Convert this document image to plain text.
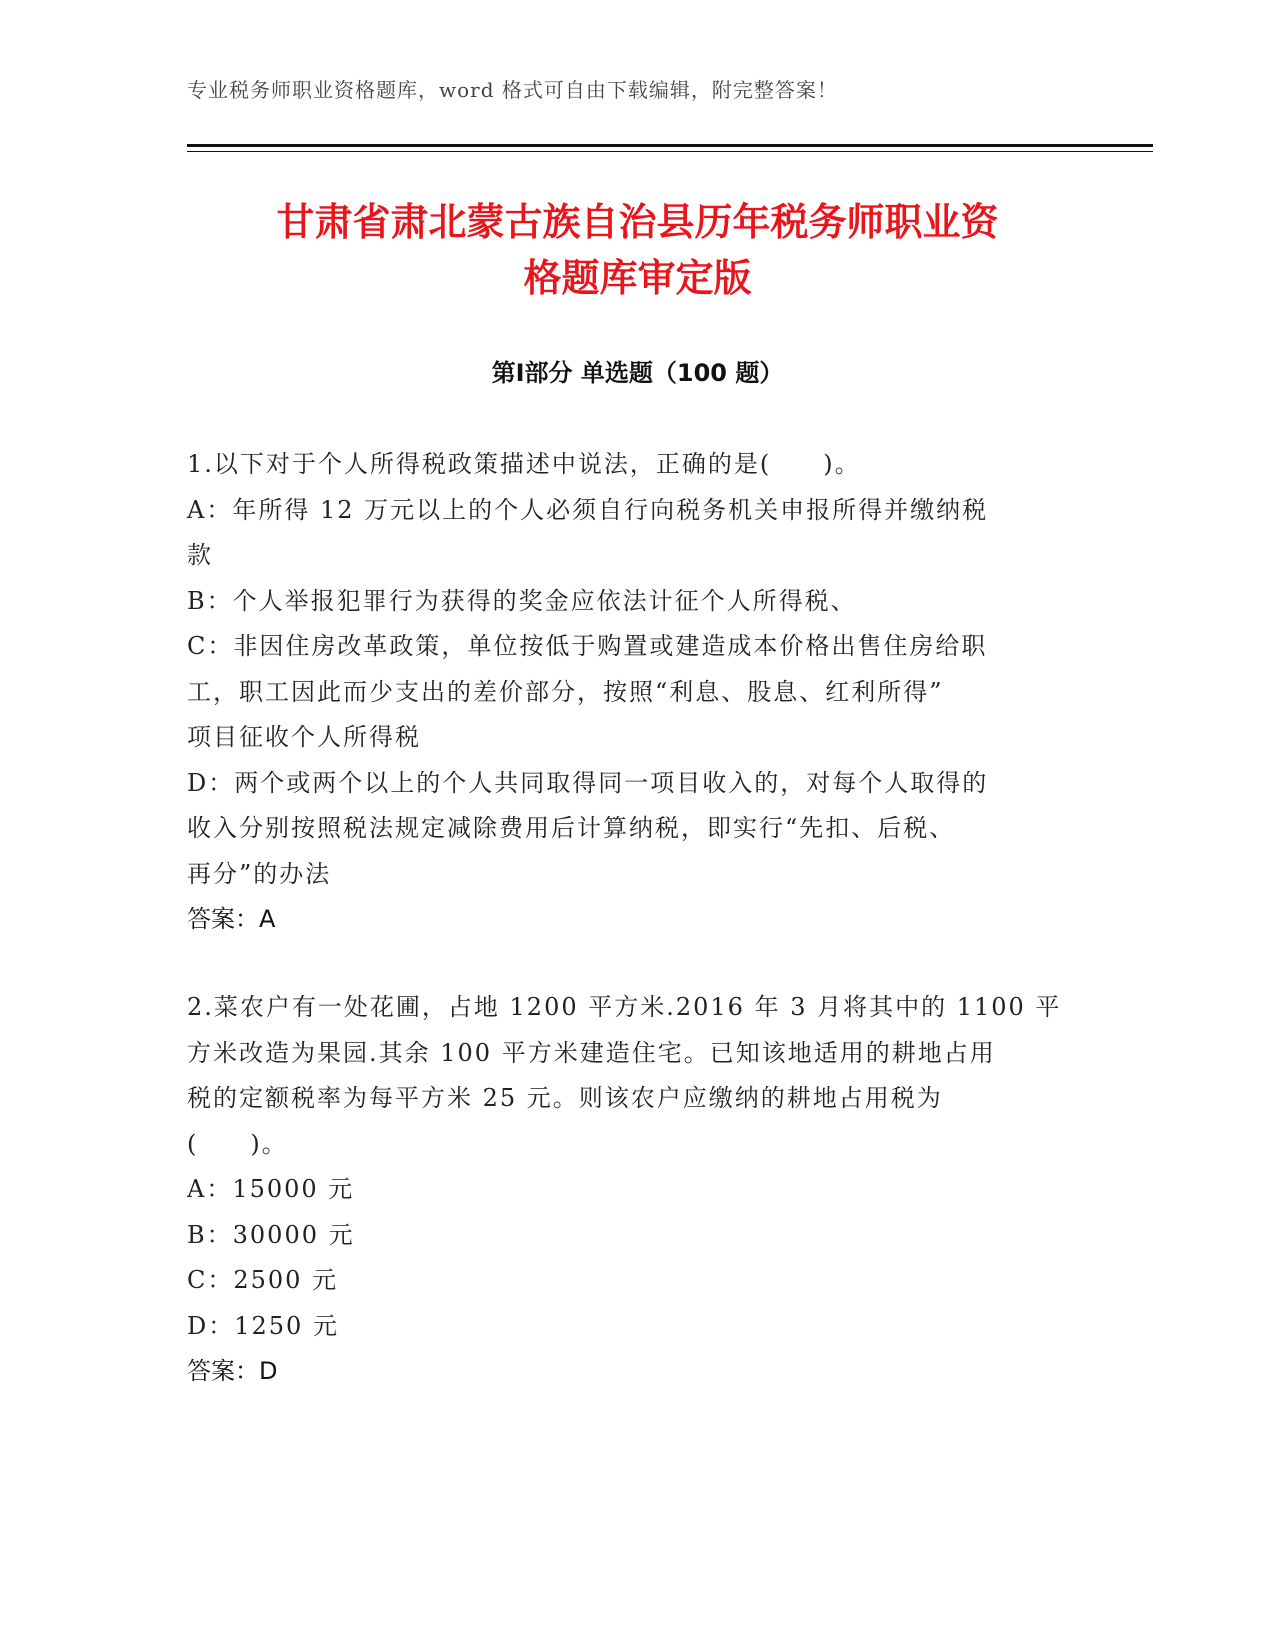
专业税务师职业资格题库，word 格式可自由下载编辑，附完整答案！
甘肃省肃北蒙古族自治县历年税务师职业资
格题库审定版
第Ⅰ部分 单选题（100 题）
1.以下对于个人所得税政策描述中说法，正确的是(　　)。
A：年所得 12 万元以上的个人必须自行向税务机关申报所得并缴纳税
款
B：个人举报犯罪行为获得的奖金应依法计征个人所得税、
C：非因住房改革政策，单位按低于购置或建造成本价格出售住房给职
工，职工因此而少支出的差价部分，按照“利息、股息、红利所得”
项目征收个人所得税
D：两个或两个以上的个人共同取得同一项目收入的，对每个人取得的
收入分别按照税法规定减除费用后计算纳税，即实行“先扣、后税、
再分”的办法
答案：A
2.菜农户有一处花圃，占地 1200 平方米.2016 年 3 月将其中的 1100 平
方米改造为果园.其余 100 平方米建造住宅。已知该地适用的耕地占用
税的定额税率为每平方米 25 元。则该农户应缴纳的耕地占用税为
(　　)。
A：15000 元
B：30000 元
C：2500 元
D：1250 元
答案：D
